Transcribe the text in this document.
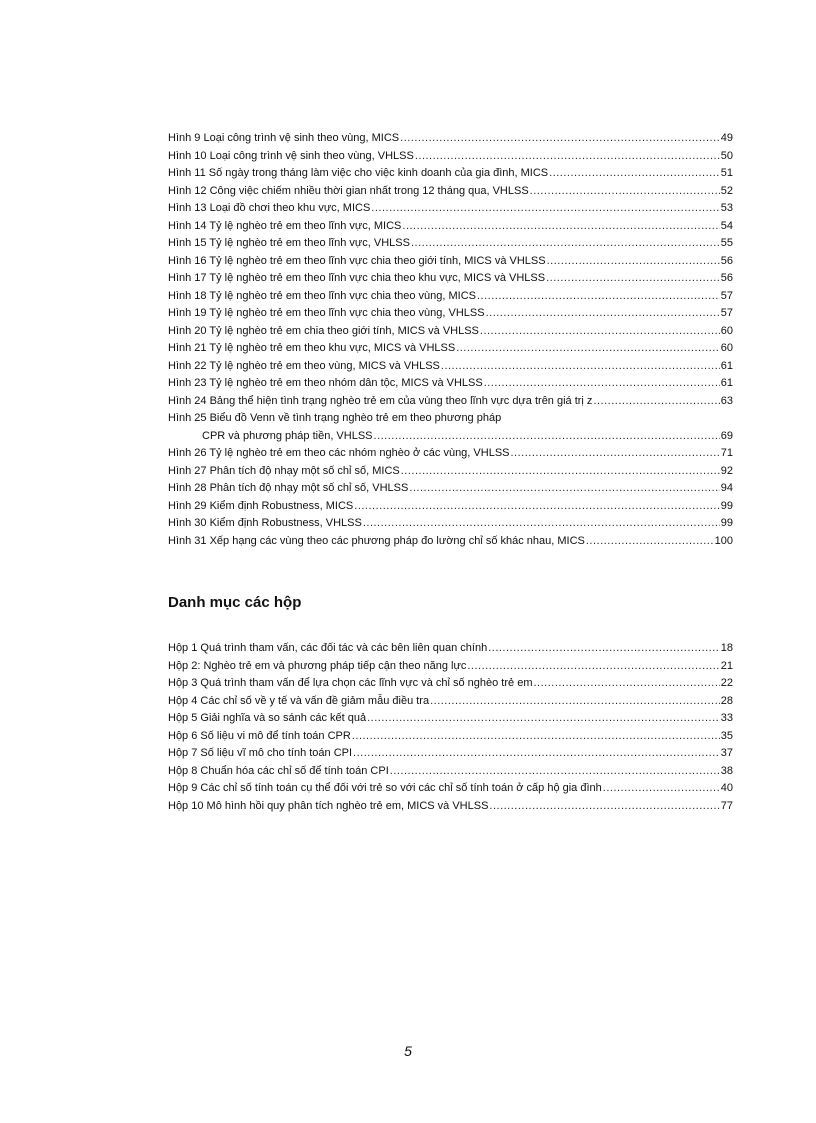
Hình 9 Loại công trình vệ sinh theo vùng, MICS .....	49
Hình 10 Loại công trình vệ sinh theo vùng, VHLSS .....	50
Hình 11 Số ngày trong tháng làm việc cho việc kinh doanh của gia đình, MICS .....	51
Hình 12 Công việc chiếm nhiều thời gian nhất trong 12 tháng qua, VHLSS .....	52
Hình 13 Loại đồ chơi theo khu vực, MICS .....	53
Hình 14 Tỷ lệ nghèo trẻ em theo lĩnh vực, MICS .....	54
Hình 15 Tỷ lệ nghèo trẻ em theo lĩnh vực, VHLSS .....	55
Hình 16 Tỷ lệ nghèo trẻ em theo lĩnh vực chia theo giới tính, MICS và VHLSS .....	56
Hình 17 Tỷ lệ nghèo trẻ em theo lĩnh vực chia theo khu vực, MICS và VHLSS .....	56
Hình 18 Tỷ lệ nghèo trẻ em theo lĩnh vực chia theo vùng, MICS .....	57
Hình 19 Tỷ lệ nghèo trẻ em theo lĩnh vực chia theo vùng, VHLSS .....	57
Hình 20 Tỷ lệ nghèo trẻ em chia theo giới tính, MICS và VHLSS .....	60
Hình 21 Tỷ lệ nghèo trẻ em theo khu vực, MICS và VHLSS .....	60
Hình 22 Tỷ lệ nghèo trẻ em theo vùng, MICS và VHLSS .....	61
Hình 23 Tỷ lệ nghèo trẻ em theo nhóm dân tộc, MICS và VHLSS .....	61
Hình 24 Bảng thể hiện tình trạng nghèo trẻ em của vùng theo lĩnh vực dựa trên giá trị z .....	63
Hình 25 Biểu đồ Venn về tình trạng nghèo trẻ em theo phương pháp
CPR và phương pháp tiền, VHLSS .....	69
Hình 26 Tỷ lệ nghèo trẻ em theo các nhóm nghèo ở các vùng, VHLSS .....	71
Hình 27 Phân tích độ nhạy một số chỉ số, MICS .....	92
Hình 28 Phân tích độ nhạy một số chỉ số, VHLSS .....	94
Hình 29 Kiểm định Robustness, MICS .....	99
Hình 30 Kiểm định Robustness, VHLSS .....	99
Hình 31 Xếp hạng các vùng theo các phương pháp đo lường chỉ số khác nhau, MICS .....	100
Danh mục các hộp
Hộp 1 Quá trình tham vấn, các đối tác và các bên liên quan chính .....	18
Hộp 2: Nghèo trẻ em và phương pháp tiếp cận theo năng lực .....	21
Hộp 3 Quá trình tham vấn để lựa chọn các lĩnh vực và chỉ số nghèo trẻ em .....	22
Hộp 4 Các chỉ số về y tế và vấn đề giảm mẫu điều tra .....	28
Hộp 5 Giải nghĩa và so sánh các kết quả .....	33
Hộp 6 Số liệu vi mô để tính toán CPR .....	35
Hộp 7 Số liệu vĩ mô cho tính toán CPI .....	37
Hộp 8 Chuẩn hóa các chỉ số để tính toán CPI .....	38
Hộp 9 Các chỉ số tính toán cụ thể đối với trẻ so với các chỉ số tính toán ở cấp hộ gia đình .....	40
Hộp 10 Mô hình hồi quy phân tích nghèo trẻ em, MICS và VHLSS .....	77
5
